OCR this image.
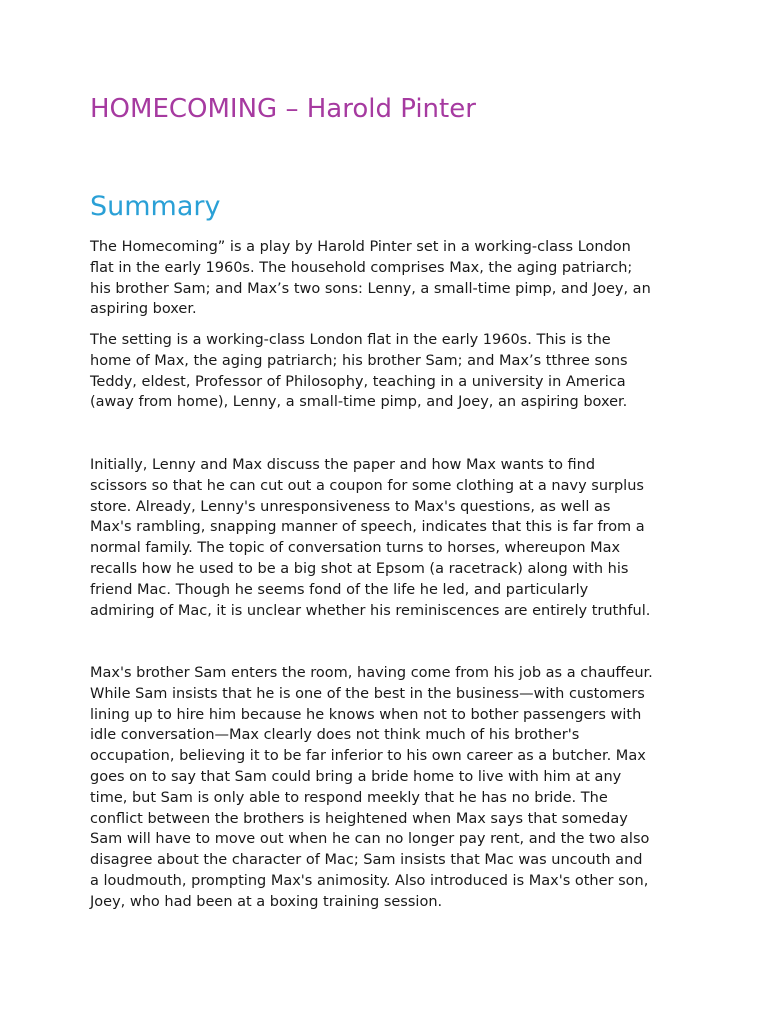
HOMECOMING – Harold Pinter
Summary

The Homecoming” is a play by Harold Pinter set in a working-class London
flat in the early 1960s. The household comprises Max, the aging patriarch;
his brother Sam; and Max’s two sons: Lenny, a small-time pimp, and Joey, an
aspiring boxer.

The setting is a working-class London flat in the early 1960s. This is the
home of Max, the aging patriarch; his brother Sam; and Max’s tthree sons
Teddy, eldest, Professor of Philosophy, teaching in a university in America
(away from home), Lenny, a small-time pimp, and Joey, an aspiring boxer.

Initially, Lenny and Max discuss the paper and how Max wants to find
scissors so that he can cut out a coupon for some clothing at a navy surplus
store. Already, Lenny's unresponsiveness to Max's questions, as well as
Max's rambling, snapping manner of speech, indicates that this is far from a
normal family. The topic of conversation turns to horses, whereupon Max
recalls how he used to be a big shot at Epsom (a racetrack) along with his
friend Mac. Though he seems fond of the life he led, and particularly
admiring of Mac, it is unclear whether his reminiscences are entirely truthful.

Max's brother Sam enters the room, having come from his job as a chauffeur.
While Sam insists that he is one of the best in the business—with customers
lining up to hire him because he knows when not to bother passengers with
idle conversation—Max clearly does not think much of his brother's
occupation, believing it to be far inferior to his own career as a butcher. Max
goes on to say that Sam could bring a bride home to live with him at any
time, but Sam is only able to respond meekly that he has no bride. The
conflict between the brothers is heightened when Max says that someday
Sam will have to move out when he can no longer pay rent, and the two also
disagree about the character of Mac; Sam insists that Mac was uncouth and
a loudmouth, prompting Max's animosity. Also introduced is Max's other son,
Joey, who had been at a boxing training session.
